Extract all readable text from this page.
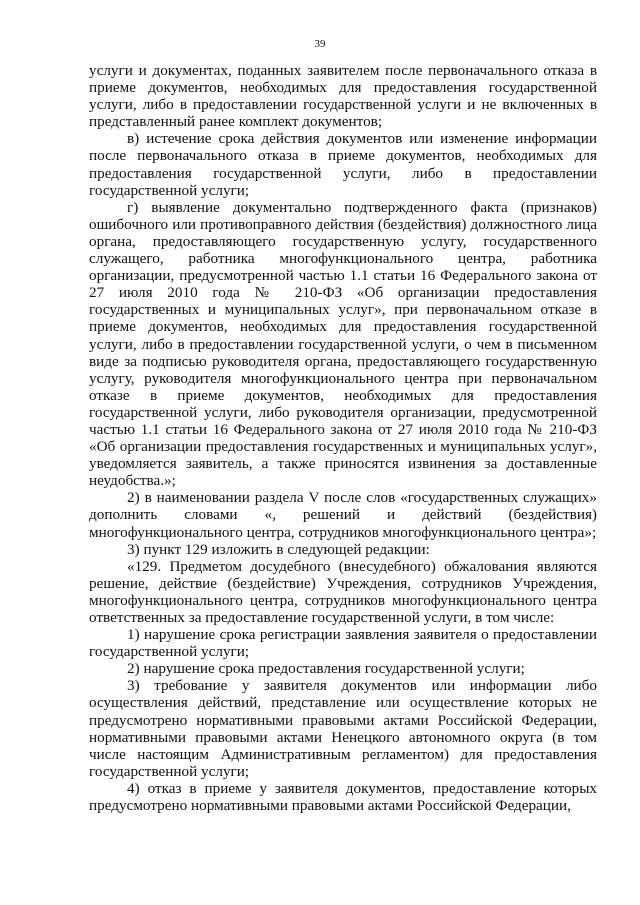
39

услуги и документах, поданных заявителем после первоначального отказа в приеме документов, необходимых для предоставления государственной услуги, либо в предоставлении государственной услуги и не включенных в представленный ранее комплект документов;

в) истечение срока действия документов или изменение информации после первоначального отказа в приеме документов, необходимых для предоставления государственной услуги, либо в предоставлении государственной услуги;

г) выявление документально подтвержденного факта (признаков) ошибочного или противоправного действия (бездействия) должностного лица органа, предоставляющего государственную услугу, государственного служащего, работника многофункционального центра, работника организации, предусмотренной частью 1.1 статьи 16 Федерального закона от 27 июля 2010 года № 210-ФЗ «Об организации предоставления государственных и муниципальных услуг», при первоначальном отказе в приеме документов, необходимых для предоставления государственной услуги, либо в предоставлении государственной услуги, о чем в письменном виде за подписью руководителя органа, предоставляющего государственную услугу, руководителя многофункционального центра при первоначальном отказе в приеме документов, необходимых для предоставления государственной услуги, либо руководителя организации, предусмотренной частью 1.1 статьи 16 Федерального закона от 27 июля 2010 года № 210-ФЗ «Об организации предоставления государственных и муниципальных услуг», уведомляется заявитель, а также приносятся извинения за доставленные неудобства.»;

2) в наименовании раздела V после слов «государственных служащих» дополнить словами «, решений и действий (бездействия) многофункционального центра, сотрудников многофункционального центра»;

3) пункт 129 изложить в следующей редакции:

«129. Предметом досудебного (внесудебного) обжалования являются решение, действие (бездействие) Учреждения, сотрудников Учреждения, многофункционального центра, сотрудников многофункционального центра ответственных за предоставление государственной услуги, в том числе:

1) нарушение срока регистрации заявления заявителя о предоставлении государственной услуги;

2) нарушение срока предоставления государственной услуги;

3) требование у заявителя документов или информации либо осуществления действий, представление или осуществление которых не предусмотрено нормативными правовыми актами Российской Федерации, нормативными правовыми актами Ненецкого автономного округа (в том числе настоящим Административным регламентом) для предоставления государственной услуги;

4) отказ в приеме у заявителя документов, предоставление которых предусмотрено нормативными правовыми актами Российской Федерации,
